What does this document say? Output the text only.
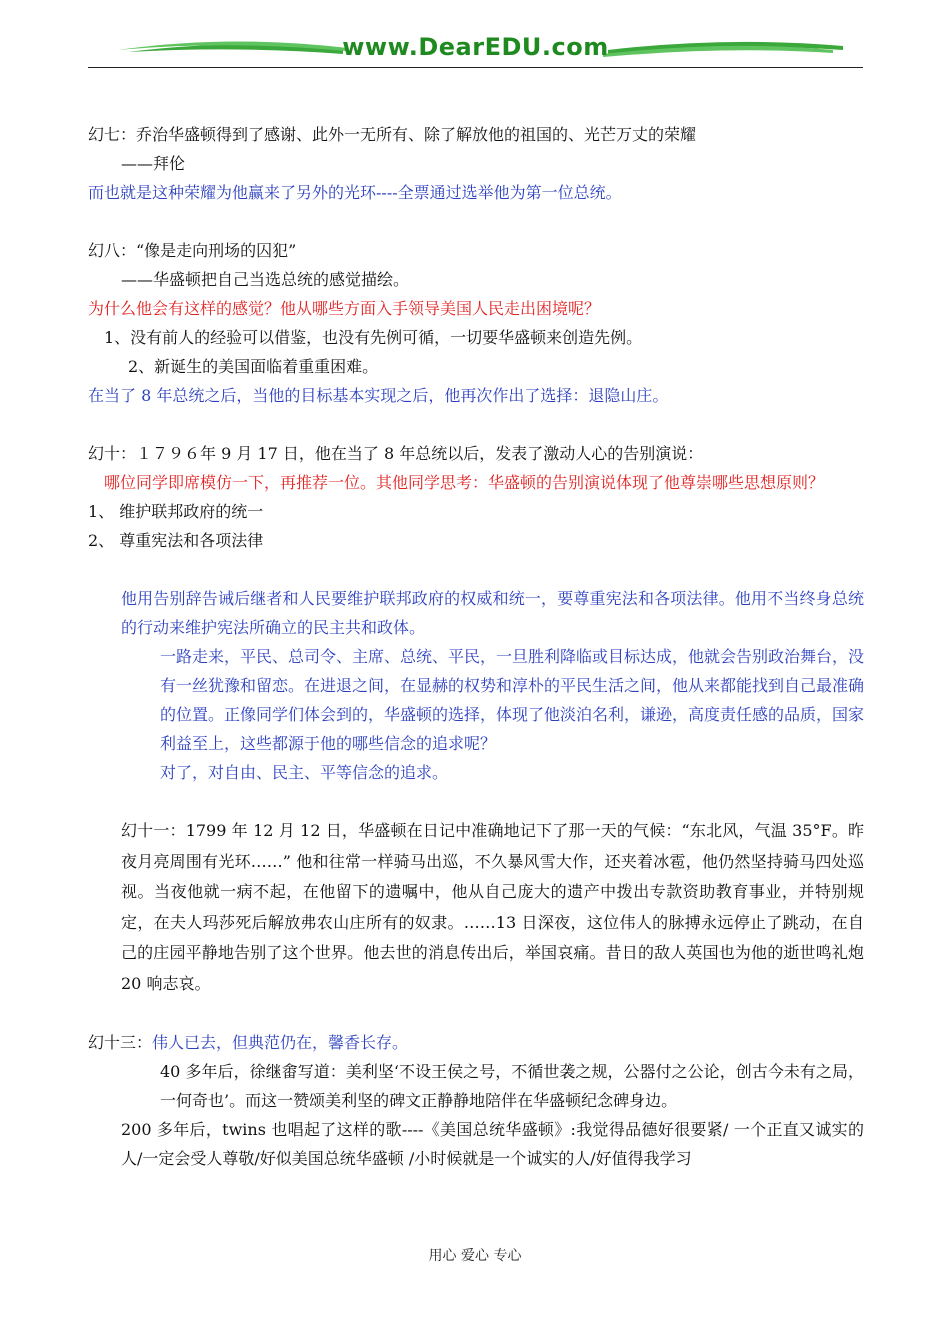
www.DearEDU.com

幻七：乔治华盛顿得到了感谢、此外一无所有、除了解放他的祖国的、光芒万丈的荣耀

——拜伦

而也就是这种荣耀为他赢来了另外的光环----全票通过选举他为第一位总统。

幻八：“像是走向刑场的囚犯”

——华盛顿把自己当选总统的感觉描绘。

为什么他会有这样的感觉？他从哪些方面入手领导美国人民走出困境呢？

1、没有前人的经验可以借鉴，也没有先例可循，一切要华盛顿来创造先例。

2、新诞生的美国面临着重重困难。

在当了 8 年总统之后，当他的目标基本实现之后，他再次作出了选择：退隐山庄。

幻十：１７９６年 9 月 17 日，他在当了 8 年总统以后，发表了激动人心的告别演说：

哪位同学即席模仿一下，再推荐一位。其他同学思考：华盛顿的告别演说体现了他尊崇哪些思想原则？

1、 维护联邦政府的统一

2、 尊重宪法和各项法律

他用告别辞告诫后继者和人民要维护联邦政府的权威和统一，要尊重宪法和各项法律。他用不当终身总统的行动来维护宪法所确立的民主共和政体。

一路走来，平民、总司令、主席、总统、平民，一旦胜利降临或目标达成，他就会告别政治舞台，没有一丝犹豫和留恋。在进退之间，在显赫的权势和淳朴的平民生活之间，他从来都能找到自己最准确的位置。正像同学们体会到的，华盛顿的选择，体现了他淡泊名利，谦逊，高度责任感的品质，国家利益至上，这些都源于他的哪些信念的追求呢？

对了，对自由、民主、平等信念的追求。

幻十一：1799 年 12 月 12 日，华盛顿在日记中准确地记下了那一天的气候：“东北风，气温 35°F。昨夜月亮周围有光环……” 他和往常一样骑马出巡，不久暴风雪大作，还夹着冰雹，他仍然坚持骑马四处巡视。当夜他就一病不起，在他留下的遗嘱中，他从自己庞大的遗产中拨出专款资助教育事业，并特别规定，在夫人玛莎死后解放弗农山庄所有的奴隶。……13 日深夜，这位伟人的脉搏永远停止了跳动，在自己的庄园平静地告别了这个世界。他去世的消息传出后，举国哀痛。昔日的敌人英国也为他的逝世鸣礼炮 20 响志哀。

幻十三：伟人已去，但典范仍在，馨香长存。

40 多年后，徐继畬写道：美利坚‘不设王侯之号，不循世袭之规，公器付之公论，创古今未有之局，一何奇也’。而这一赞颂美利坚的碑文正静静地陪伴在华盛顿纪念碑身边。

200 多年后，twins 也唱起了这样的歌----《美国总统华盛顿》:我觉得品德好很要紧/ 一个正直又诚实的人/一定会受人尊敬/好似美国总统华盛顿 /小时候就是一个诚实的人/好值得我学习

用心 爱心 专心
